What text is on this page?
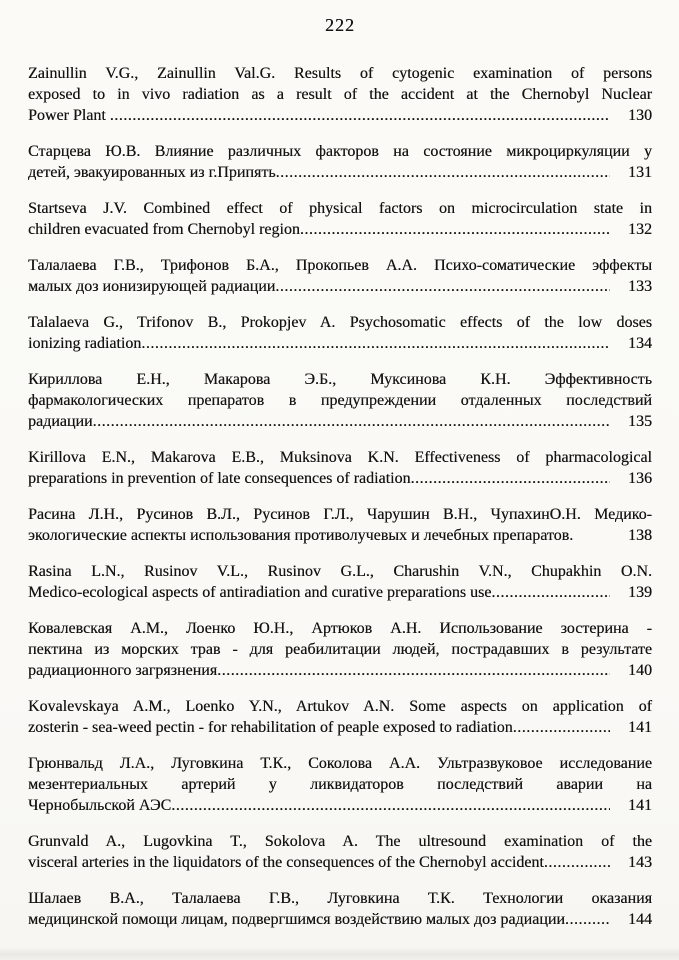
222
Zainullin V.G., Zainullin Val.G. Results of cytogenic examination of persons
exposed to in vivo radiation as a result of the accident at the Chernobyl Nuclear
Power Plant .....	130
Старцева Ю.В. Влияние различных факторов на состояние микроциркуляции у
детей, эвакуированных из г.Припять .....	131
Startseva J.V. Combined effect of physical factors on microcirculation state in
children evacuated from Chernobyl region .....	132
Талалаева Г.В., Трифонов Б.А., Прокопьев А.А. Психо-соматические эффекты
малых доз ионизирующей радиации .....	133
Talalaeva G., Trifonov B., Prokopjev A. Psychosomatic effects of the low doses
ionizing radiation .....	134
Кириллова Е.Н., Макарова Э.Б., Муксинова К.Н. Эффективность
фармакологических препаратов в предупреждении отдаленных последствий
радиации .....	135
Kirillova E.N., Makarova E.B., Muksinova K.N. Effectiveness of pharmacological
preparations in prevention of late consequences of radiation .....	136
Расина Л.Н., Русинов В.Л., Русинов Г.Л., Чарушин В.Н., ЧупахинО.Н. Медико-
экологические аспекты использования противолучевых и лечебных препаратов.	138
Rasina L.N., Rusinov V.L., Rusinov G.L., Charushin V.N., Chupakhin O.N.
Medico-ecological aspects of antiradiation and curative preparations use .....	139
Ковалевская А.М., Лоенко Ю.Н., Артюков А.Н. Использование зостерина -
пектина из морских трав - для реабилитации людей, пострадавших в результате
радиационного загрязнения .....	140
Kovalevskaya A.M., Loenko Y.N., Artukov A.N. Some aspects on application of
zosterin - sea-weed pectin - for rehabilitation of peaple exposed to radiation .....	141
Грюнвальд Л.А., Луговкина Т.К., Соколова А.А. Ультразвуковое исследование
мезентериальных артерий у ликвидаторов последствий аварии на
Чернобыльской АЭС .....	141
Grunvald A., Lugovkina T., Sokolova A. The ultresound examination of the
visceral arteries in the liquidators of the consequences of the Chernobyl accident .....	143
Шалаев В.А., Талалаева Г.В., Луговкина Т.К. Технологии оказания
медицинской помощи лицам, подвергшимся воздействию малых доз радиации .....	144
